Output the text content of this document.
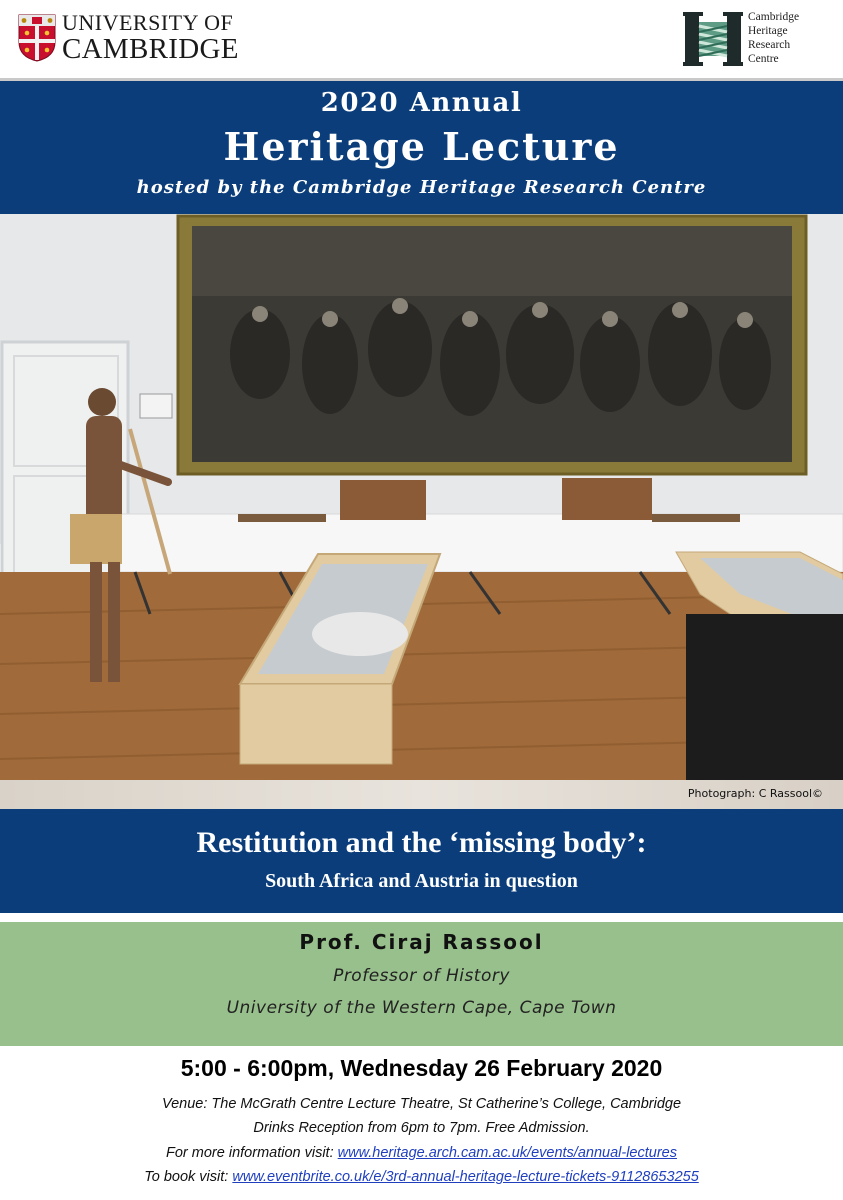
UNIVERSITY OF
CAMBRIDGE
Cambridge
Heritage
Research
Centre
2020 Annual
Heritage Lecture
hosted by the Cambridge Heritage Research Centre
Photograph: C Rassool©
Restitution and the ‘missing body’:
South Africa and Austria in question
Prof. Ciraj Rassool
Professor of History
University of the Western Cape, Cape Town
5:00 - 6:00pm, Wednesday 26 February 2020
Venue: The McGrath Centre Lecture Theatre, St Catherine’s College, Cambridge
Drinks Reception from 6pm to 7pm. Free Admission.
For more information visit: www.heritage.arch.cam.ac.uk/events/annual-lectures
To book visit: www.eventbrite.co.uk/e/3rd-annual-heritage-lecture-tickets-91128653255
